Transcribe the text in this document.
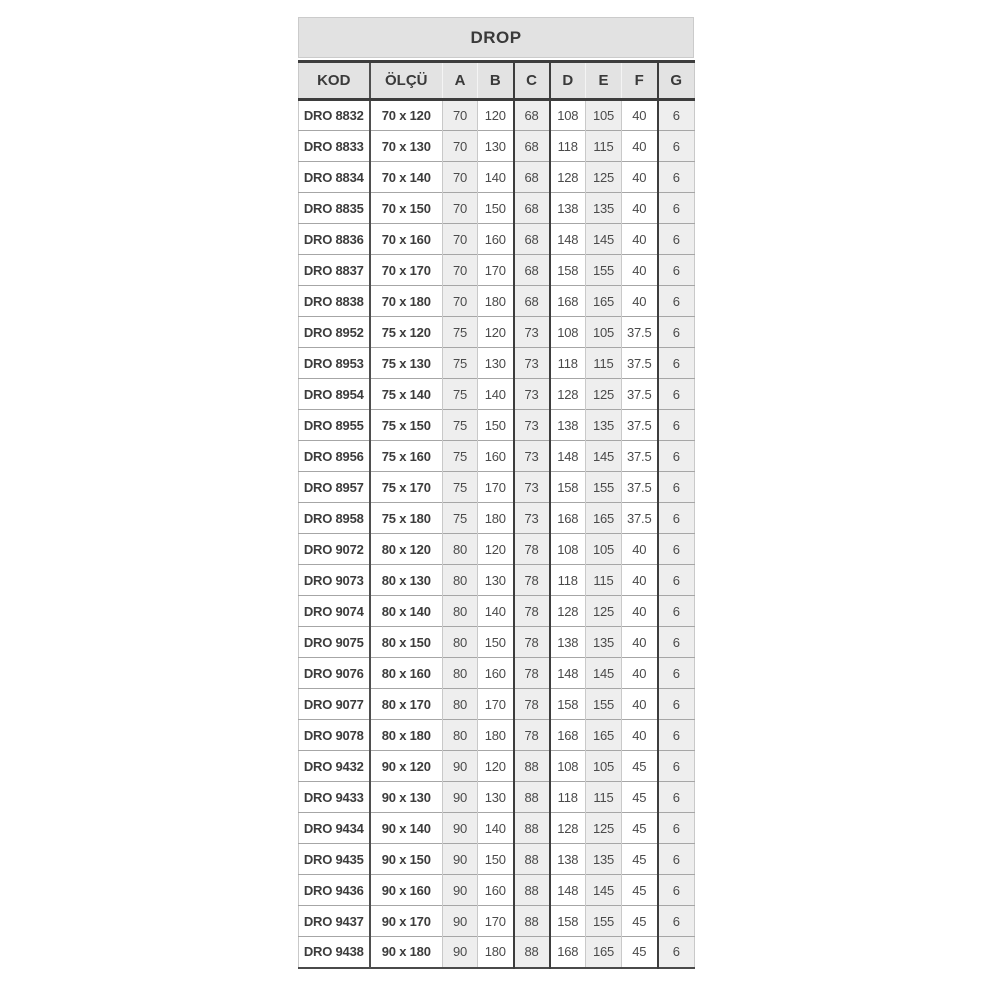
DROP
KOD	ÖLÇÜ	A	B	C	D	E	F	G
DRO 8832	70 x 120	70	120	68	108	105	40	6
DRO 8833	70 x 130	70	130	68	118	115	40	6
DRO 8834	70 x 140	70	140	68	128	125	40	6
DRO 8835	70 x 150	70	150	68	138	135	40	6
DRO 8836	70 x 160	70	160	68	148	145	40	6
DRO 8837	70 x 170	70	170	68	158	155	40	6
DRO 8838	70 x 180	70	180	68	168	165	40	6
DRO 8952	75 x 120	75	120	73	108	105	37.5	6
DRO 8953	75 x 130	75	130	73	118	115	37.5	6
DRO 8954	75 x 140	75	140	73	128	125	37.5	6
DRO 8955	75 x 150	75	150	73	138	135	37.5	6
DRO 8956	75 x 160	75	160	73	148	145	37.5	6
DRO 8957	75 x 170	75	170	73	158	155	37.5	6
DRO 8958	75 x 180	75	180	73	168	165	37.5	6
DRO 9072	80 x 120	80	120	78	108	105	40	6
DRO 9073	80 x 130	80	130	78	118	115	40	6
DRO 9074	80 x 140	80	140	78	128	125	40	6
DRO 9075	80 x 150	80	150	78	138	135	40	6
DRO 9076	80 x 160	80	160	78	148	145	40	6
DRO 9077	80 x 170	80	170	78	158	155	40	6
DRO 9078	80 x 180	80	180	78	168	165	40	6
DRO 9432	90 x 120	90	120	88	108	105	45	6
DRO 9433	90 x 130	90	130	88	118	115	45	6
DRO 9434	90 x 140	90	140	88	128	125	45	6
DRO 9435	90 x 150	90	150	88	138	135	45	6
DRO 9436	90 x 160	90	160	88	148	145	45	6
DRO 9437	90 x 170	90	170	88	158	155	45	6
DRO 9438	90 x 180	90	180	88	168	165	45	6
